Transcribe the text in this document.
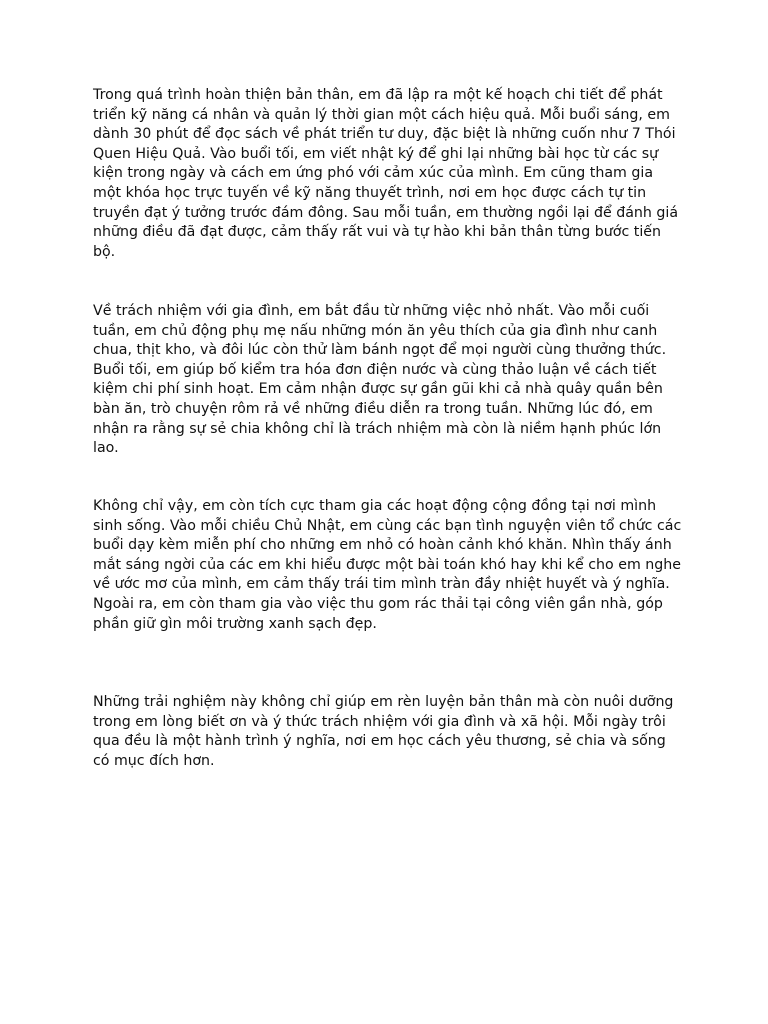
Trong quá trình hoàn thiện bản thân, em đã lập ra một kế hoạch chi tiết để phát triển kỹ năng cá nhân và quản lý thời gian một cách hiệu quả. Mỗi buổi sáng, em dành 30 phút để đọc sách về phát triển tư duy, đặc biệt là những cuốn như 7 Thói Quen Hiệu Quả. Vào buổi tối, em viết nhật ký để ghi lại những bài học từ các sự kiện trong ngày và cách em ứng phó với cảm xúc của mình. Em cũng tham gia một khóa học trực tuyến về kỹ năng thuyết trình, nơi em học được cách tự tin truyền đạt ý tưởng trước đám đông. Sau mỗi tuần, em thường ngồi lại để đánh giá những điều đã đạt được, cảm thấy rất vui và tự hào khi bản thân từng bước tiến bộ.

Về trách nhiệm với gia đình, em bắt đầu từ những việc nhỏ nhất. Vào mỗi cuối tuần, em chủ động phụ mẹ nấu những món ăn yêu thích của gia đình như canh chua, thịt kho, và đôi lúc còn thử làm bánh ngọt để mọi người cùng thưởng thức. Buổi tối, em giúp bố kiểm tra hóa đơn điện nước và cùng thảo luận về cách tiết kiệm chi phí sinh hoạt. Em cảm nhận được sự gần gũi khi cả nhà quây quần bên bàn ăn, trò chuyện rôm rả về những điều diễn ra trong tuần. Những lúc đó, em nhận ra rằng sự sẻ chia không chỉ là trách nhiệm mà còn là niềm hạnh phúc lớn lao.

Không chỉ vậy, em còn tích cực tham gia các hoạt động cộng đồng tại nơi mình sinh sống. Vào mỗi chiều Chủ Nhật, em cùng các bạn tình nguyện viên tổ chức các buổi dạy kèm miễn phí cho những em nhỏ có hoàn cảnh khó khăn. Nhìn thấy ánh mắt sáng ngời của các em khi hiểu được một bài toán khó hay khi kể cho em nghe về ước mơ của mình, em cảm thấy trái tim mình tràn đầy nhiệt huyết và ý nghĩa. Ngoài ra, em còn tham gia vào việc thu gom rác thải tại công viên gần nhà, góp phần giữ gìn môi trường xanh sạch đẹp.

Những trải nghiệm này không chỉ giúp em rèn luyện bản thân mà còn nuôi dưỡng trong em lòng biết ơn và ý thức trách nhiệm với gia đình và xã hội. Mỗi ngày trôi qua đều là một hành trình ý nghĩa, nơi em học cách yêu thương, sẻ chia và sống có mục đích hơn.
